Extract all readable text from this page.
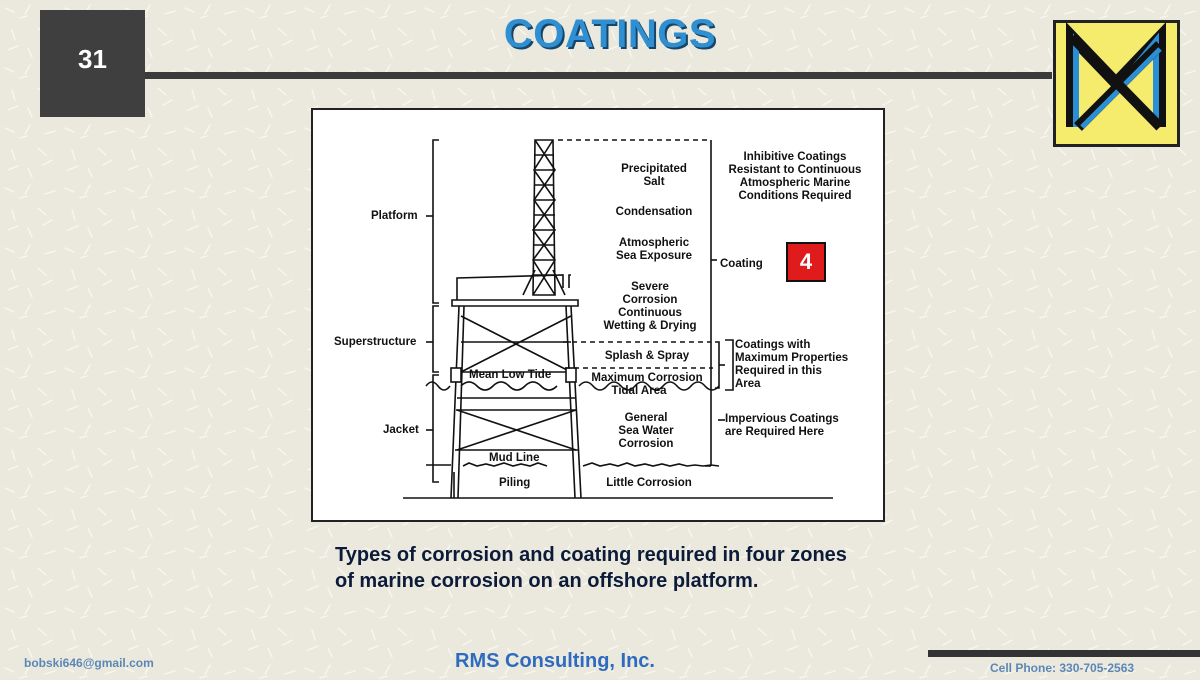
31
COATINGS
Platform
Superstructure
Jacket
Mean Low Tide
Mud Line
Piling
Precipitated
Salt
Condensation
Atmospheric
Sea Exposure
Severe
Corrosion
Continuous
Wetting & Drying
Splash & Spray
Maximum Corrosion
Tidal Area
General
Sea Water
Corrosion
Little Corrosion
Inhibitive Coatings
Resistant to Continuous
Atmospheric Marine
Conditions Required
Coating
Coatings with
Maximum Properties
Required in this
Area
Impervious Coatings
are Required Here
4
Types of corrosion and coating required in four zones
of marine corrosion on an offshore platform.
bobski646@gmail.com	RMS Consulting, Inc.	Cell Phone: 330-705-2563
